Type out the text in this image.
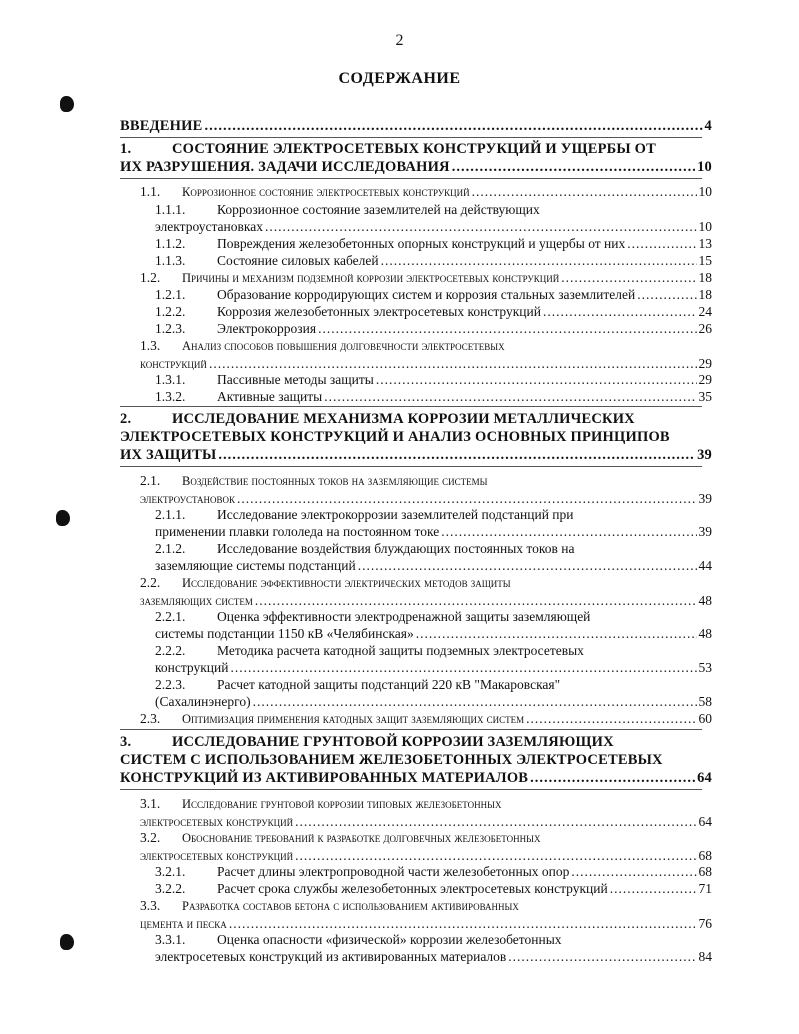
2
СОДЕРЖАНИЕ
ВВЕДЕНИЕ .....	4
1.	СОСТОЯНИЕ ЭЛЕКТРОСЕТЕВЫХ КОНСТРУКЦИЙ И УЩЕРБЫ ОТ
ИХ РАЗРУШЕНИЯ. ЗАДАЧИ ИССЛЕДОВАНИЯ .....	10
1.1.	Коррозионное состояние электросетевых конструкций .....	10
1.1.1.	Коррозионное состояние заземлителей на действующих
электроустановках .....	10
1.1.2.	Повреждения железобетонных опорных конструкций и ущербы от них .....	13
1.1.3.	Состояние силовых кабелей .....	15
1.2.	Причины и механизм подземной коррозии электросетевых конструкций .....	18
1.2.1.	Образование корродирующих систем и коррозия стальных заземлителей .....	18
1.2.2.	Коррозия железобетонных электросетевых конструкций .....	24
1.2.3.	Электрокоррозия .....	26
1.3.	Анализ способов повышения долговечности электросетевых
конструкций .....	29
1.3.1.	Пассивные методы защиты .....	29
1.3.2.	Активные защиты .....	35
2.	ИССЛЕДОВАНИЕ МЕХАНИЗМА КОРРОЗИИ МЕТАЛЛИЧЕСКИХ
ЭЛЕКТРОСЕТЕВЫХ КОНСТРУКЦИЙ И АНАЛИЗ ОСНОВНЫХ ПРИНЦИПОВ
ИХ ЗАЩИТЫ .....	39
2.1.	Воздействие постоянных токов на заземляющие системы
электроустановок .....	39
2.1.1.	Исследование электрокоррозии заземлителей подстанций при
применении плавки гололеда на постоянном токе .....	39
2.1.2.	Исследование воздействия блуждающих постоянных токов на
заземляющие системы подстанций .....	44
2.2.	Исследование эффективности электрических методов защиты
заземляющих систем .....	48
2.2.1.	Оценка эффективности электродренажной защиты заземляющей
системы подстанции 1150 кВ «Челябинская» .....	48
2.2.2.	Методика расчета катодной защиты подземных электросетевых
конструкций .....	53
2.2.3.	Расчет катодной защиты подстанций 220 кВ "Макаровская"
(Сахалинэнерго) .....	58
2.3.	Оптимизация применения катодных защит заземляющих систем .....	60
3.	ИССЛЕДОВАНИЕ ГРУНТОВОЙ КОРРОЗИИ ЗАЗЕМЛЯЮЩИХ
СИСТЕМ С ИСПОЛЬЗОВАНИЕМ ЖЕЛЕЗОБЕТОННЫХ ЭЛЕКТРОСЕТЕВЫХ
КОНСТРУКЦИЙ ИЗ АКТИВИРОВАННЫХ МАТЕРИАЛОВ .....	64
3.1.	Исследование грунтовой коррозии типовых железобетонных
электросетевых конструкций .....	64
3.2.	Обоснование требований к разработке долговечных железобетонных
электросетевых конструкций .....	68
3.2.1.	Расчет длины электропроводной части железобетонных опор .....	68
3.2.2.	Расчет срока службы железобетонных электросетевых конструкций .....	71
3.3.	Разработка составов бетона с использованием активированных
цемента и песка .....	76
3.3.1.	Оценка опасности «физической» коррозии железобетонных
электросетевых конструкций из активированных материалов .....	84
